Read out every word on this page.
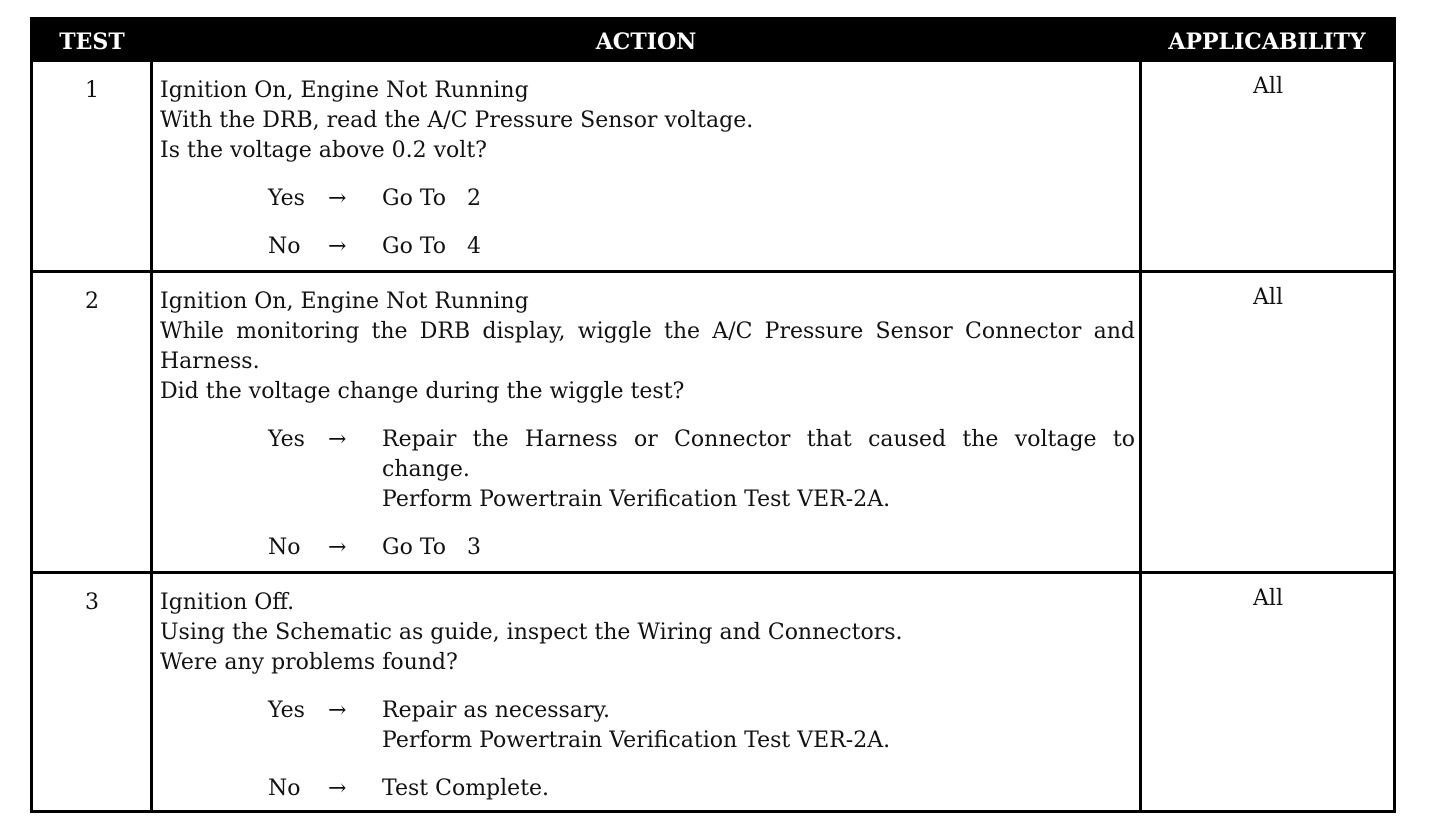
TEST	ACTION	APPLICABILITY
1	Ignition On, Engine Not Running
With the DRB, read the A/C Pressure Sensor voltage.
Is the voltage above 0.2 volt?
Yes	→	Go To   2
No	→	Go To   4
All
2	Ignition On, Engine Not Running
While monitoring the DRB display, wiggle the A/C Pressure Sensor Connector and Harness.
Did the voltage change during the wiggle test?
Yes	→	Repair the Harness or Connector that caused the voltage to change.
Perform Powertrain Verification Test VER-2A.
No	→	Go To   3
All
3	Ignition Off.
Using the Schematic as guide, inspect the Wiring and Connectors.
Were any problems found?
Yes	→	Repair as necessary.
Perform Powertrain Verification Test VER-2A.
No	→	Test Complete.
All
